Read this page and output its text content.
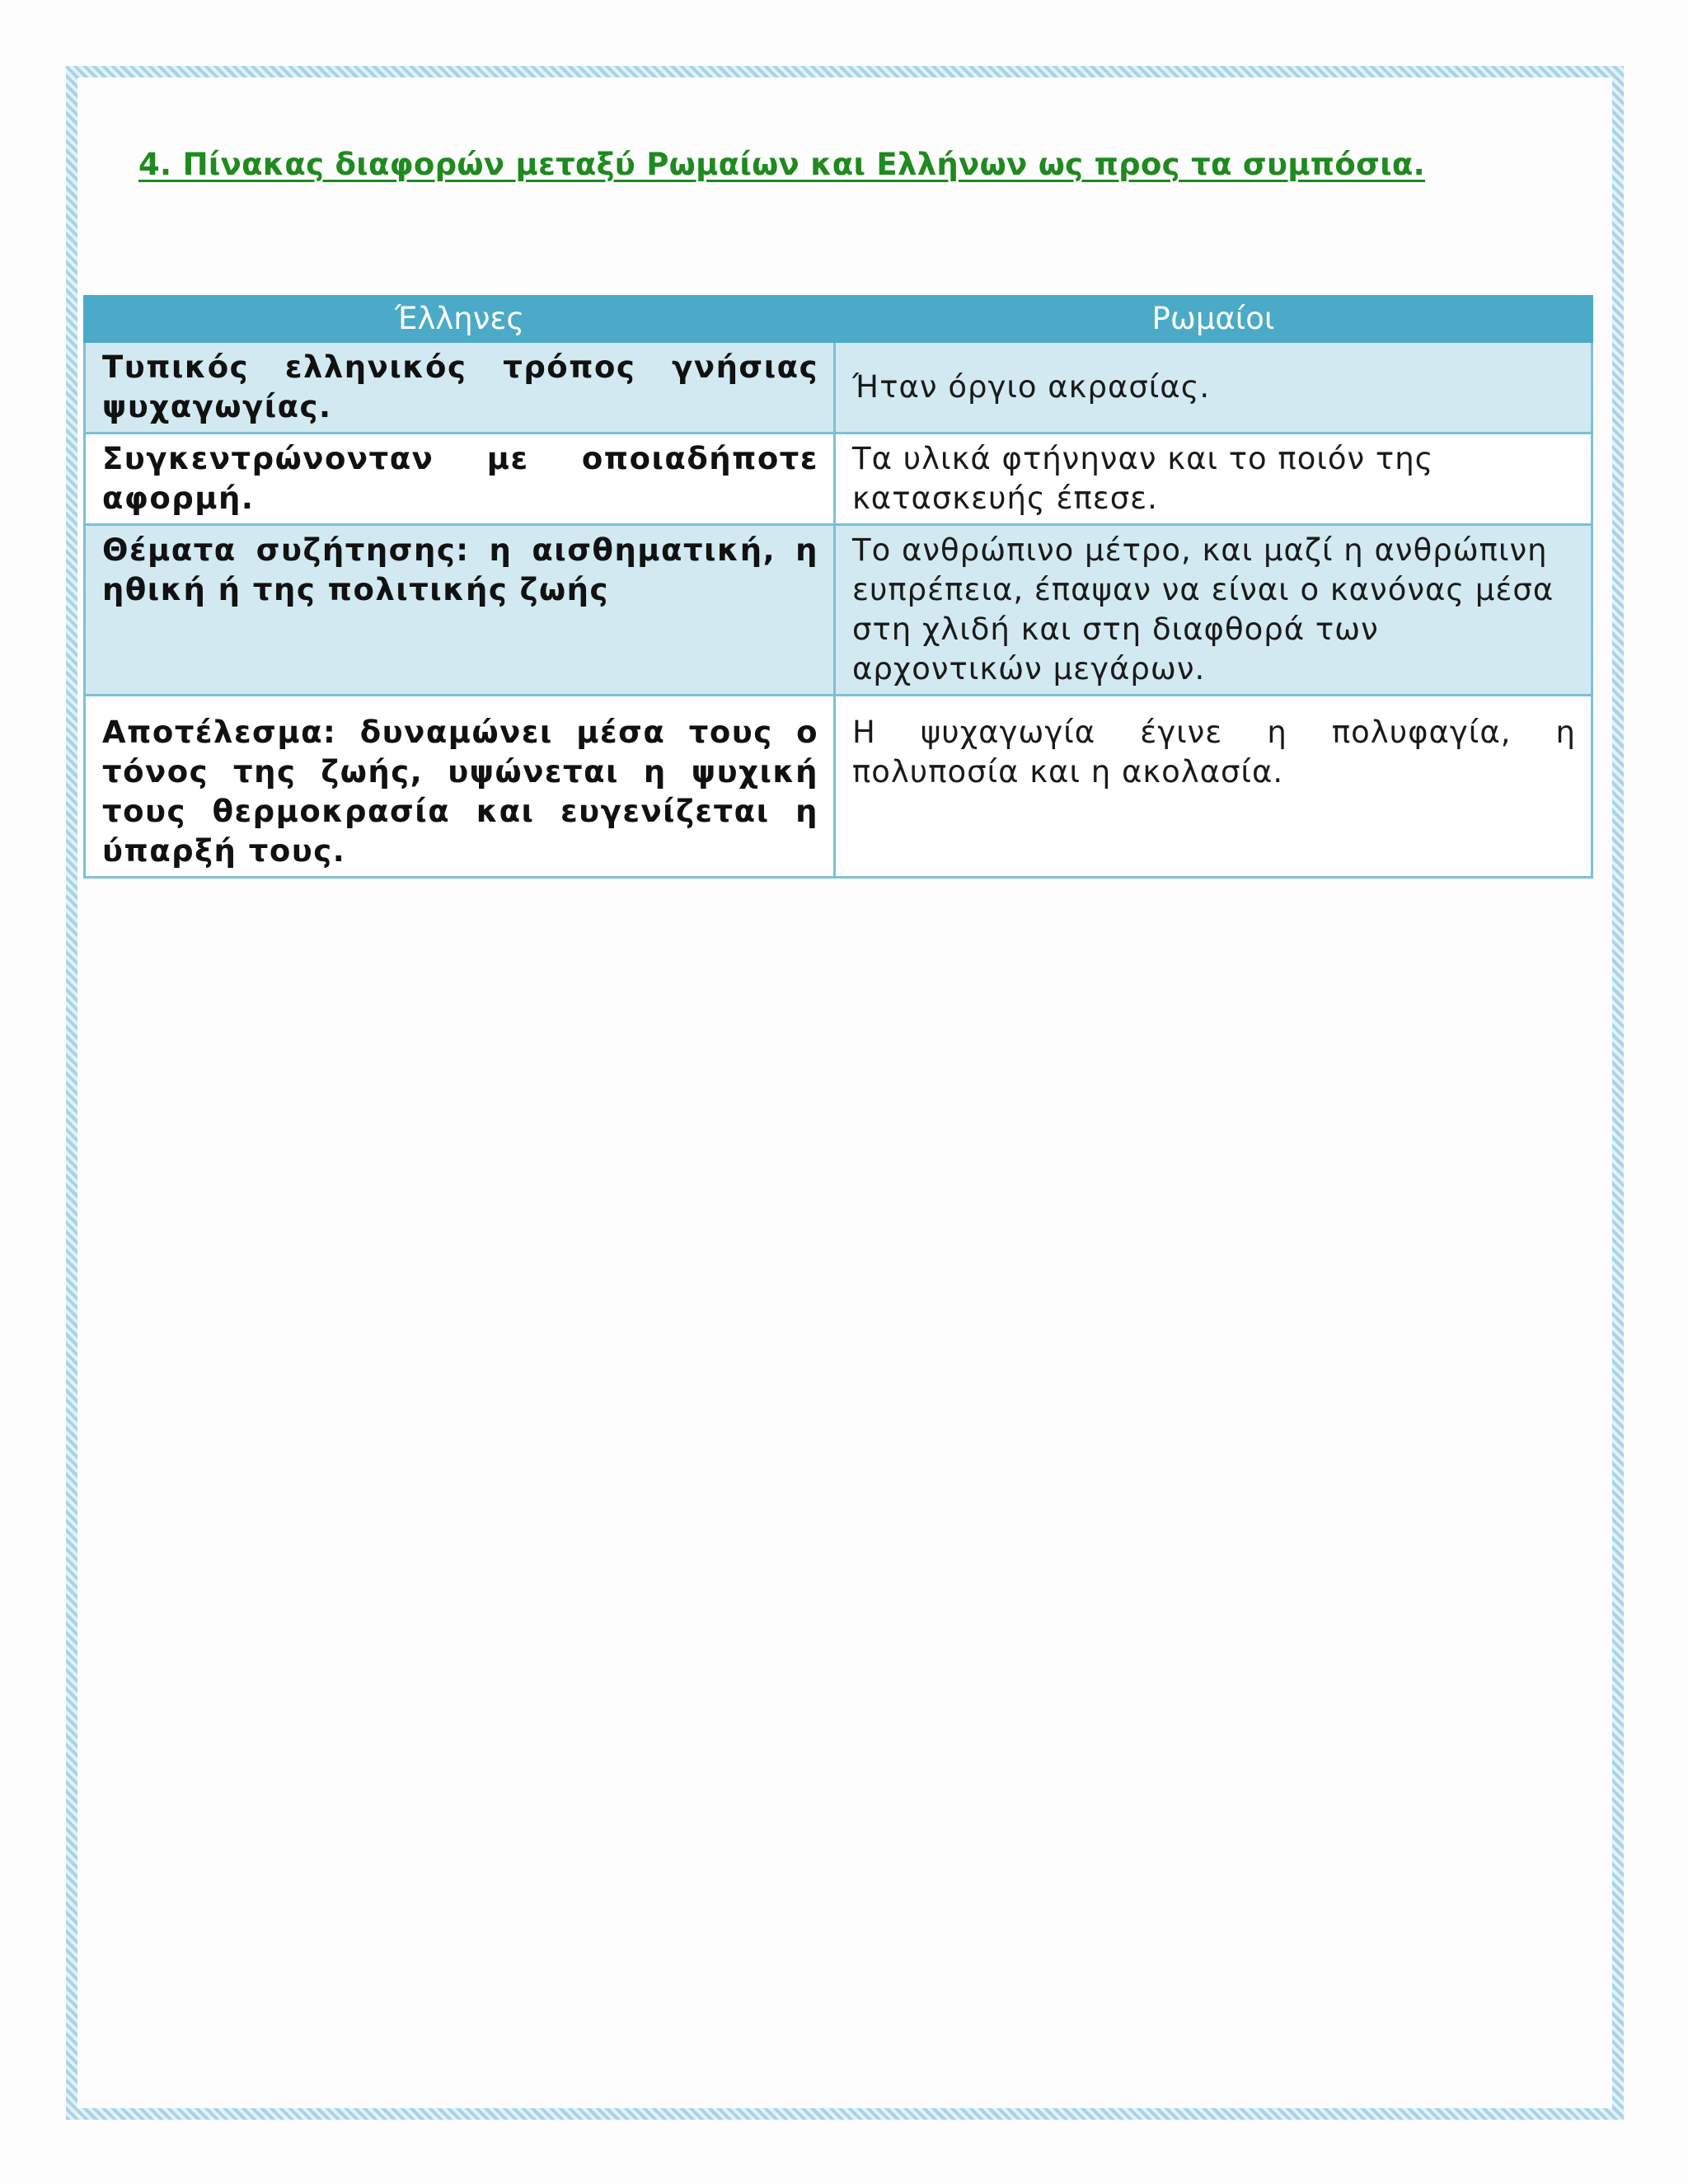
4. Πίνακας διαφορών μεταξύ Ρωμαίων και Ελλήνων ως προς τα συμπόσια.
Έλληνες	Ρωμαίοι
Τυπικός ελληνικός τρόπος γνήσιας ψυχαγωγίας.	Ήταν όργιο ακρασίας.
Συγκεντρώνονταν με οποιαδήποτε αφορμή.	Τα υλικά φτήνηναν και το ποιόν της κατασκευής έπεσε.
Θέματα συζήτησης: η αισθηματική, η ηθική ή της πολιτικής ζωής	Το ανθρώπινο μέτρο, και μαζί η ανθρώπινη ευπρέπεια, έπαψαν να είναι ο κανόνας μέσα στη χλιδή και στη διαφθορά των αρχοντικών μεγάρων.
Αποτέλεσμα: δυναμώνει μέσα τους ο τόνος της ζωής, υψώνεται η ψυχική τους θερμοκρασία και ευγενίζεται η ύπαρξή τους.	Η ψυχαγωγία έγινε η πολυφαγία, η πολυποσία και η ακολασία.
